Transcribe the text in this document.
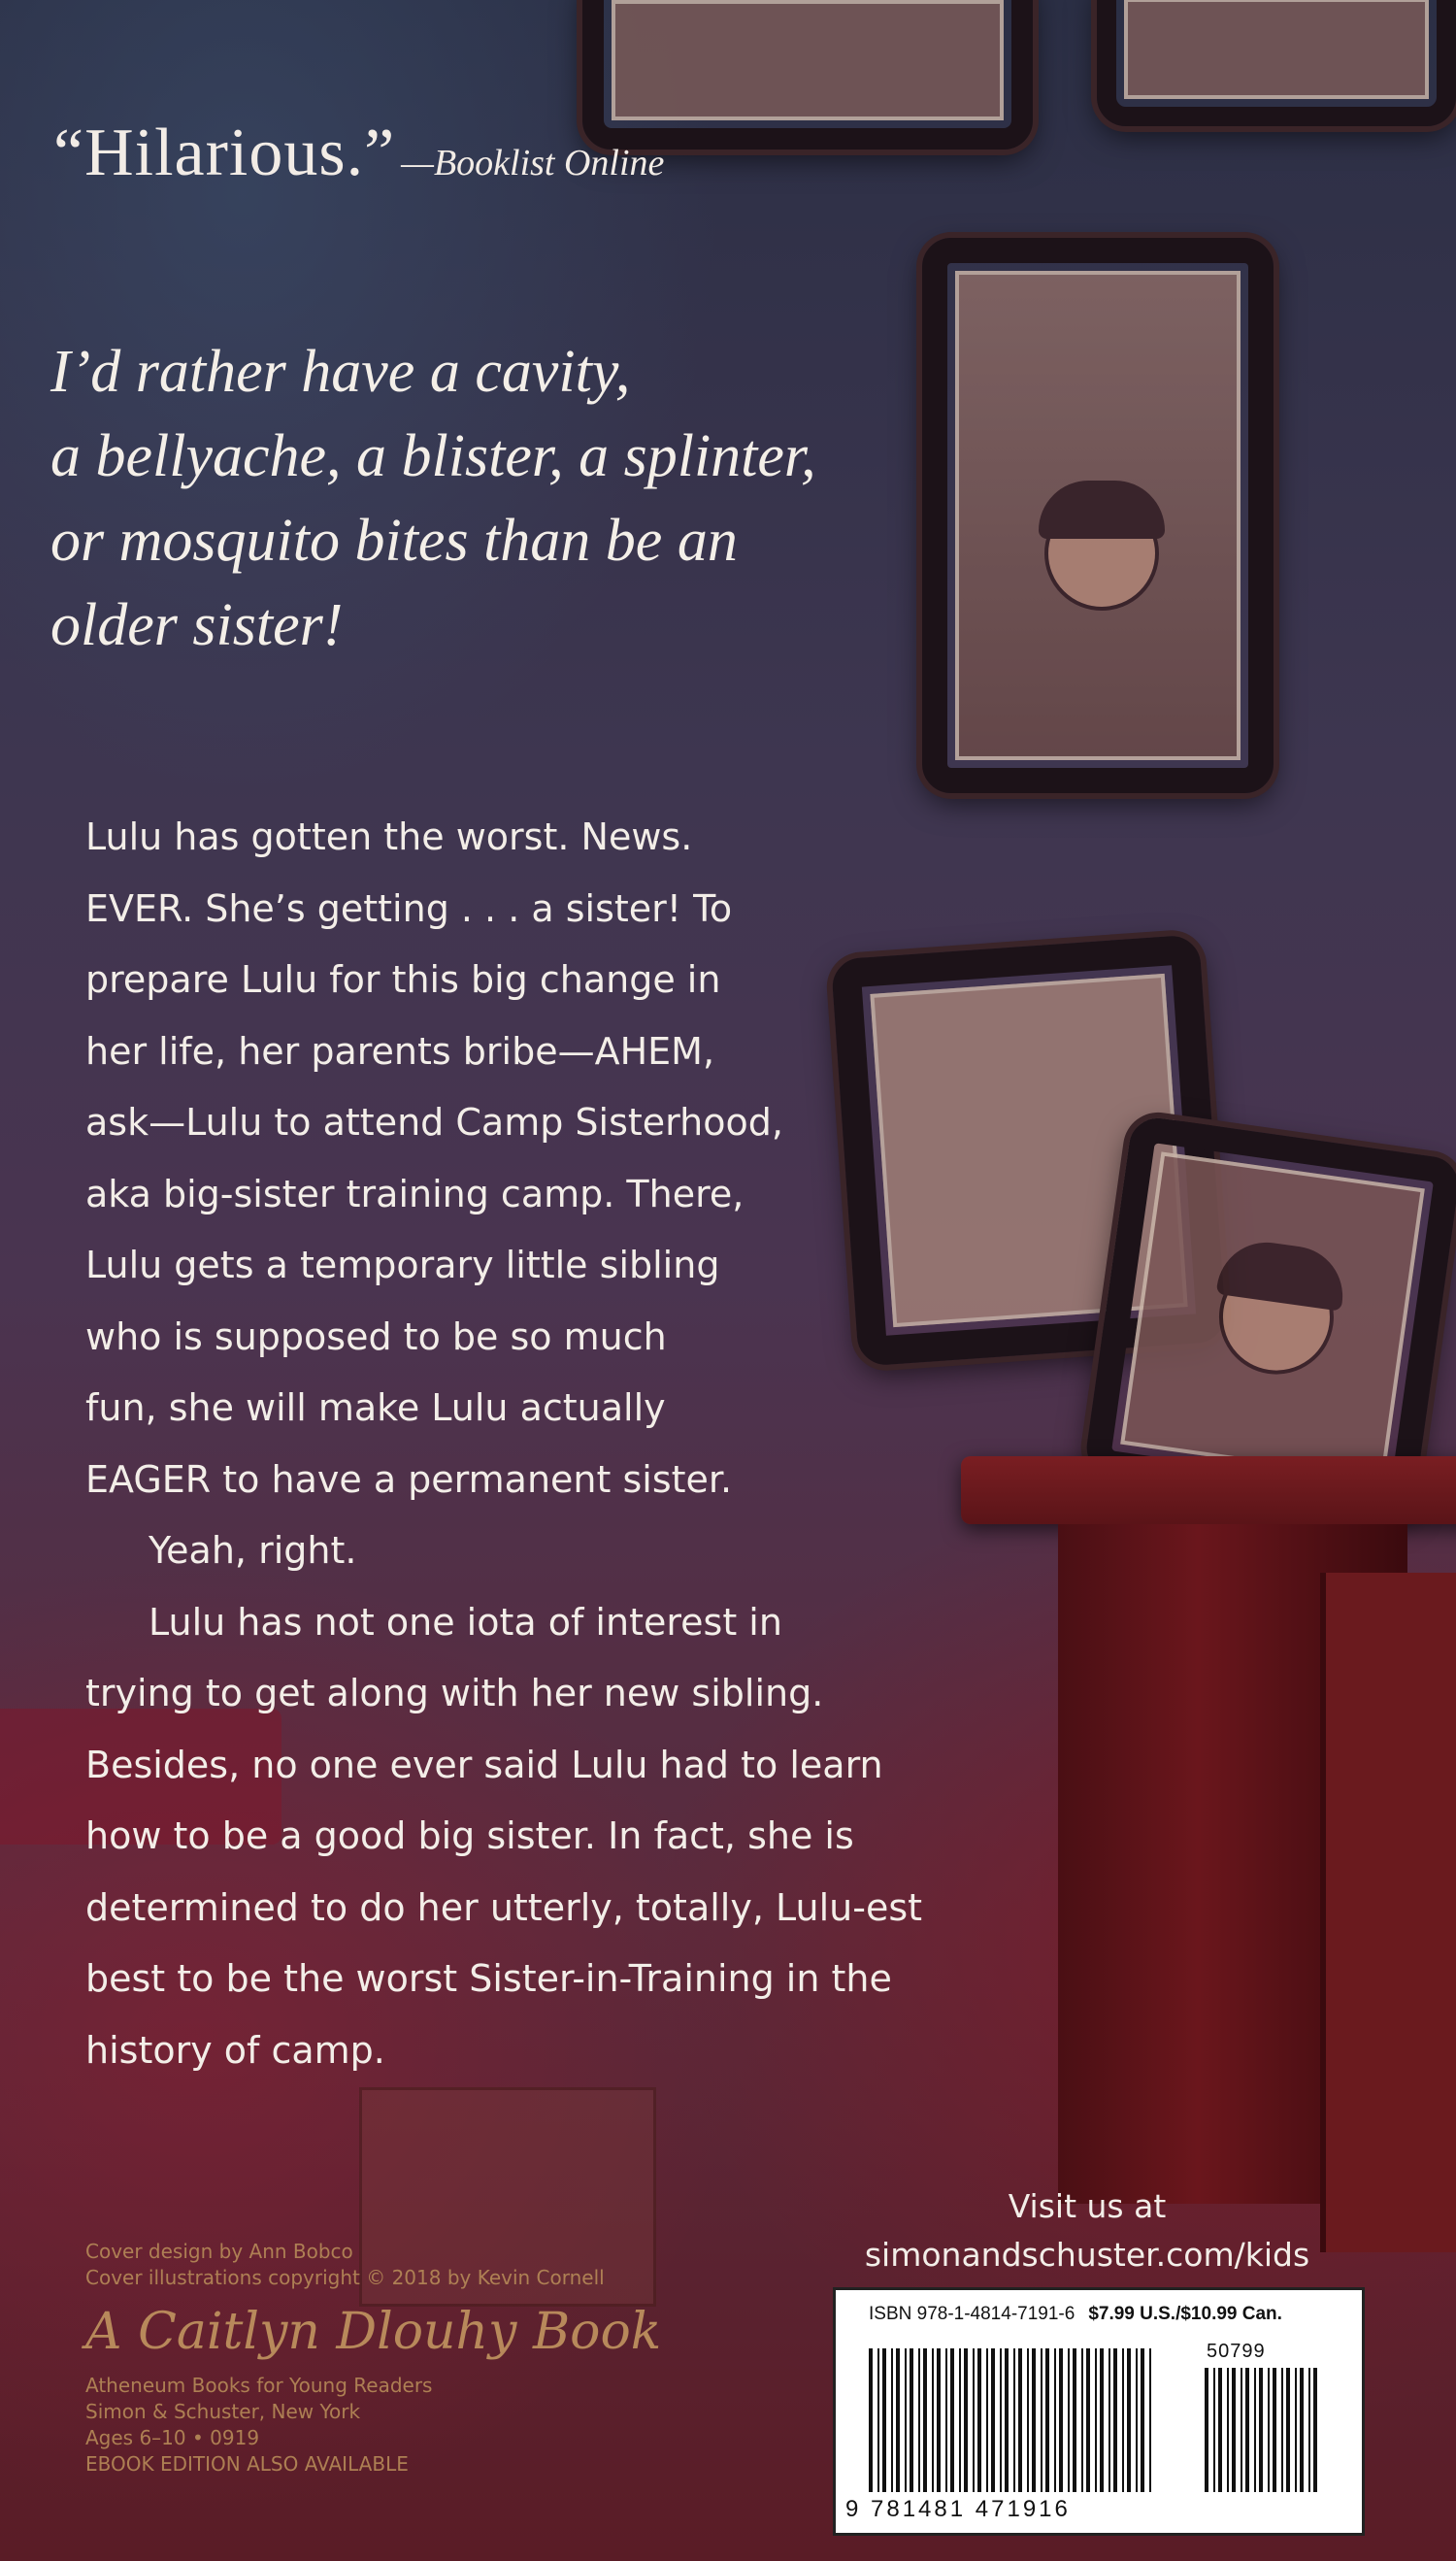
“Hilarious.” —Booklist Online
I’d rather have a cavity,
a bellyache, a blister, a splinter,
or mosquito bites than be an
older sister!

Lulu has gotten the worst. News.

EVER. She’s getting . . . a sister! To

prepare Lulu for this big change in

her life, her parents bribe—AHEM,

ask—Lulu to attend Camp Sisterhood,

aka big-sister training camp. There,

Lulu gets a temporary little sibling

who is supposed to be so much

fun, she will make Lulu actually

EAGER to have a permanent sister.

Yeah, right.

Lulu has not one iota of interest in

trying to get along with her new sibling.

Besides, no one ever said Lulu had to learn

how to be a good big sister. In fact, she is

determined to do her utterly, totally, Lulu-est

best to be the worst Sister-in-Training in the

history of camp.

Visit us at
simonandschuster.com/kids
Cover design by Ann Bobco
Cover illustrations copyright © 2018 by Kevin Cornell
A Caitlyn Dlouhy Book
Atheneum Books for Young Readers
Simon & Schuster, New York
Ages 6–10 • 0919
EBOOK EDITION ALSO AVAILABLE
ISBN 978-1-4814-7191-6 $7.99 U.S./$10.99 Can.
50799
9 781481 471916
